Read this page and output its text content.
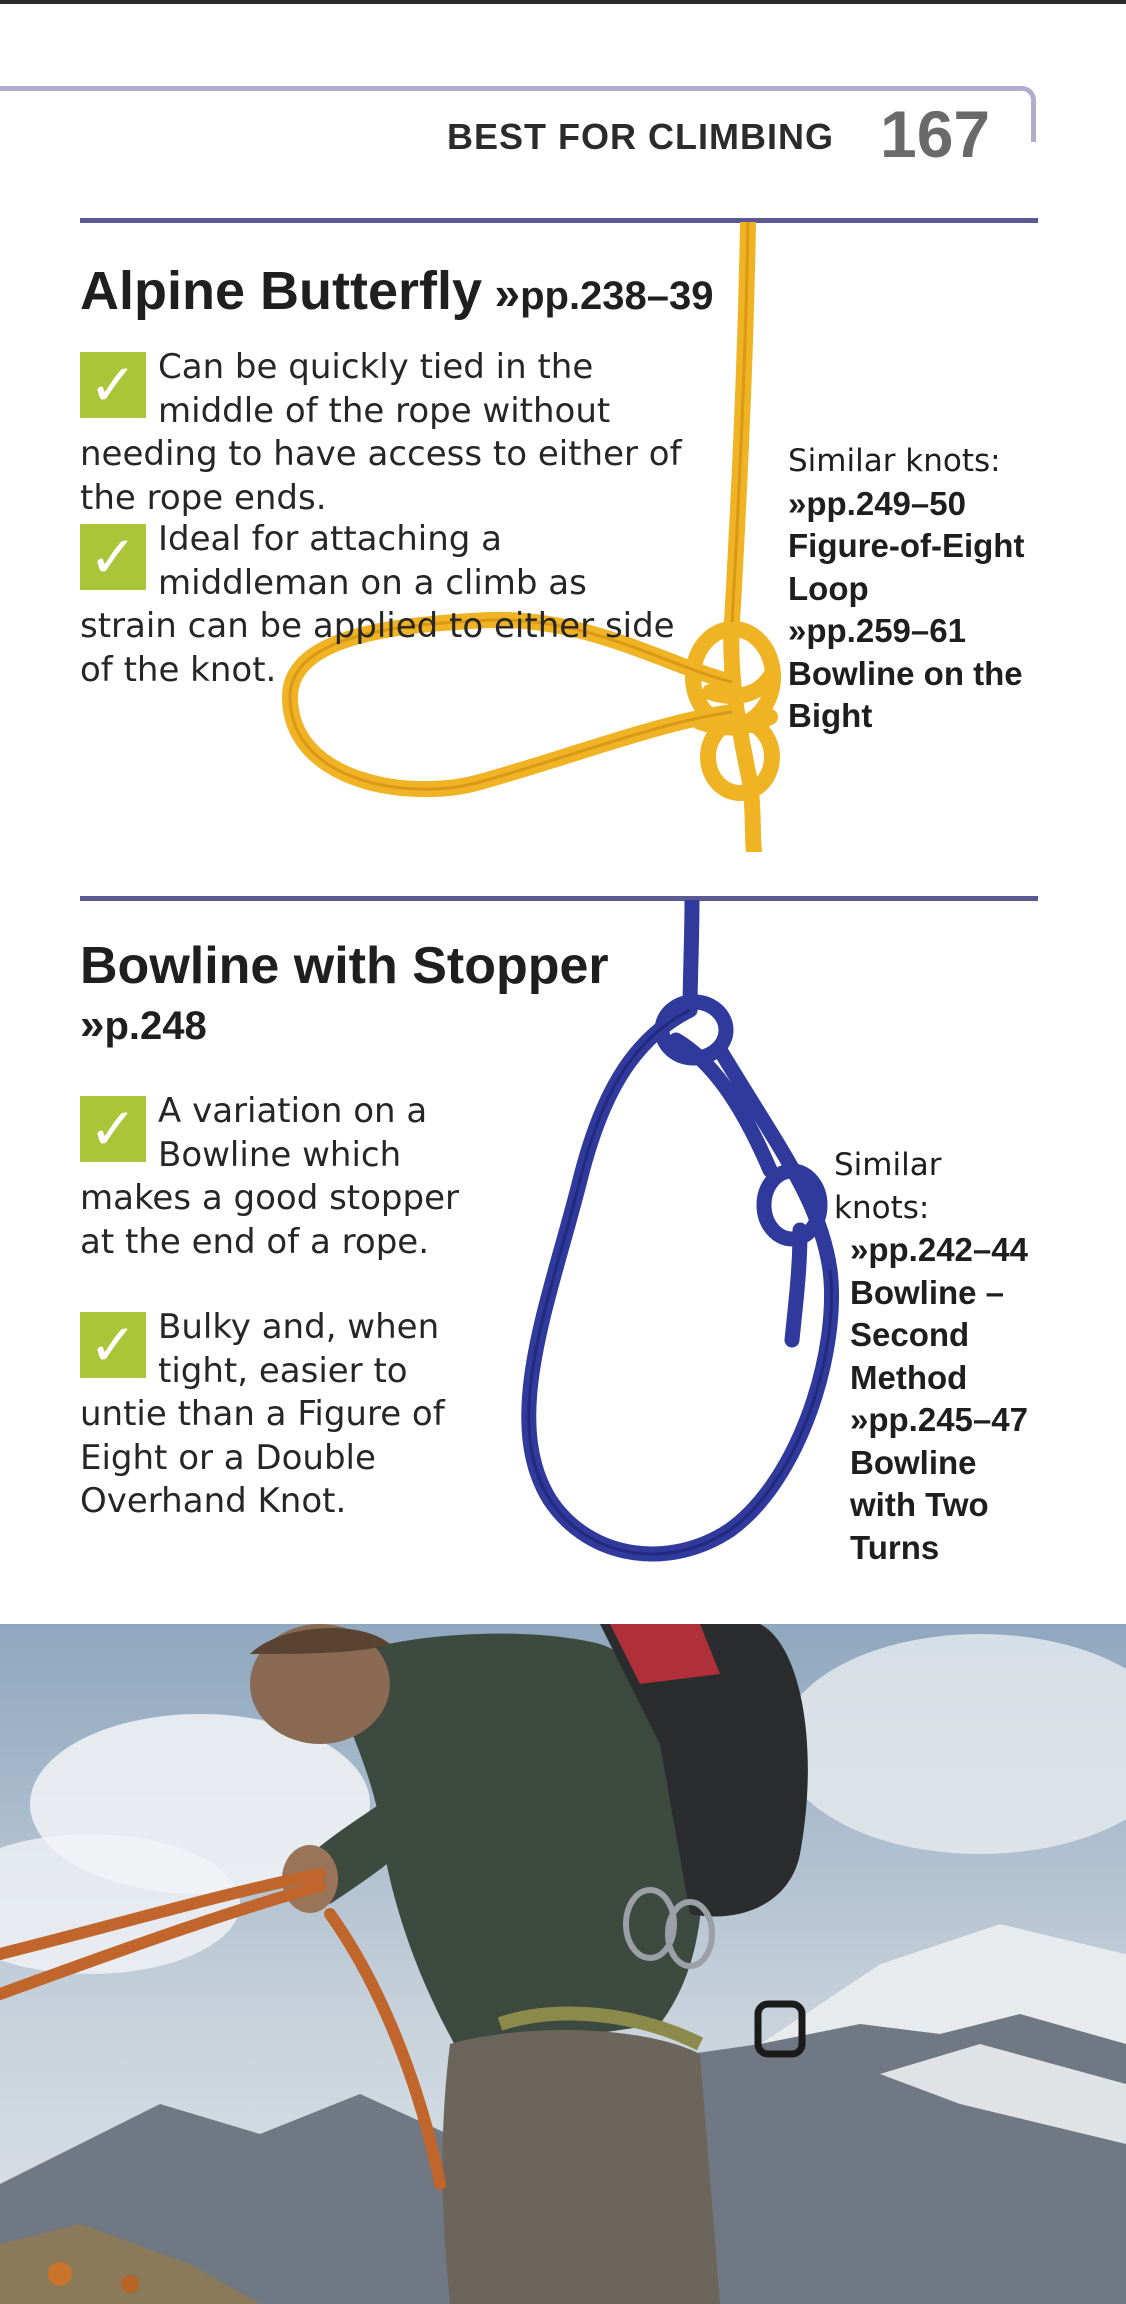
BEST FOR CLIMBING 167
Alpine Butterfly »pp.238–39
✓ Can be quickly tied in the middle of the rope without needing to have access to either of the rope ends.
✓ Ideal for attaching a middleman on a climb as strain can be applied to either side of the knot.
Similar knots:
»pp.249–50
Figure-of-Eight Loop
»pp.259–61
Bowline on the Bight
Bowline with Stopper
»p.248
✓ A variation on a Bowline which makes a good stopper at the end of a rope.
✓ Bulky and, when tight, easier to untie than a Figure of Eight or a Double Overhand Knot.
Similar knots:
»pp.242–44
Bowline – Second Method
»pp.245–47
Bowline with Two Turns
